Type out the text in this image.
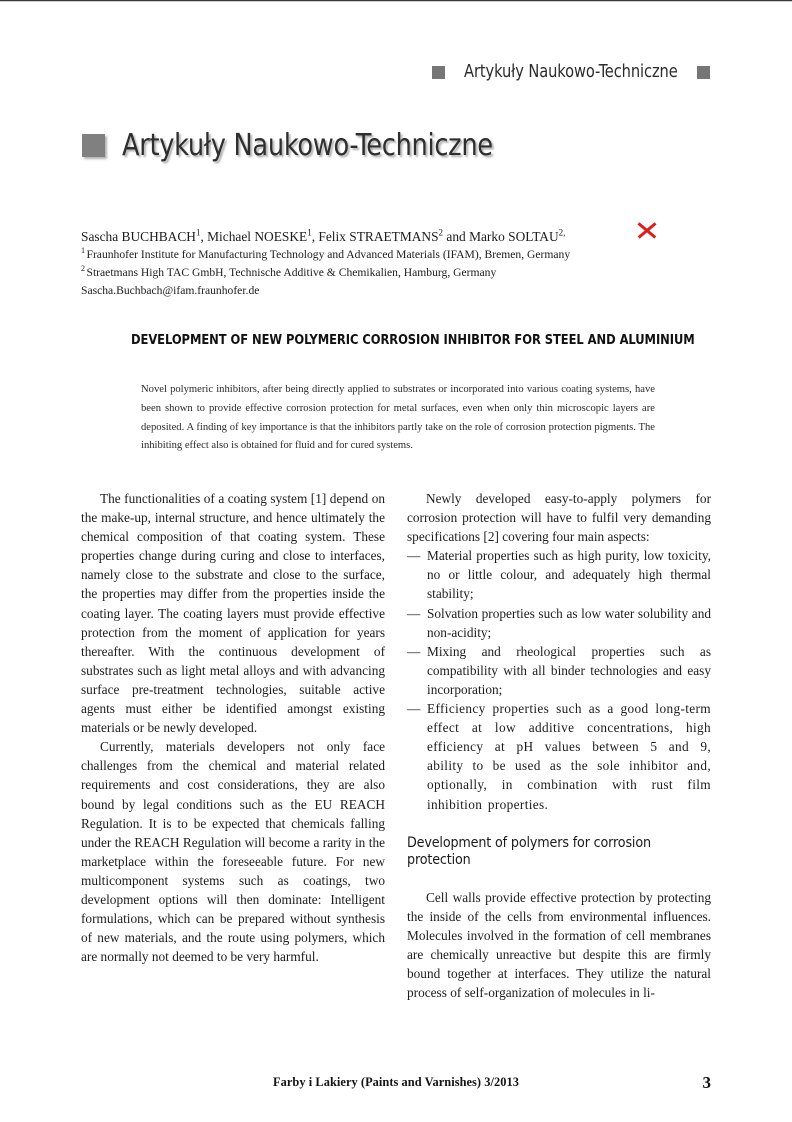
Artykuły Naukowo-Techniczne
Artykuły Naukowo-Techniczne
Sascha BUCHBACH$^1$, Michael NOESKE$^1$, Felix STRAETMANS$^2$ and Marko $SOLTAU^{2,}$
$^1$ Fraunhofer Institute for Manufacturing Technology and Advanced Materials (IFAM), Bremen, Germany
$^2$ Straetmans High TAC GmbH, Technische Additive & Chemikalien, Hamburg, Germany
Sascha.Buchbach@ifam.fraunhofer.de
DEVELOPMENT OF NEW POLYMERIC CORROSION INHIBITOR FOR STEEL AND ALUMINIUM
Novel polymeric inhibitors, after being directly applied to substrates or incorporated into various coating systems, have been shown to provide effective corrosion protection for metal surfaces, even when only thin microscopic layers are deposited. A finding of key importance is that the inhibitors partly take on the role of corrosion protection pigments. The inhibiting effect also is obtained for fluid and for cured systems.

The functionalities of a coating system [1] depend on the make-up, internal structure, and hence ultimately the chemical composition of that coating system. These properties change during curing and close to interfaces, namely close to the substrate and close to the surface, the properties may differ from the properties inside the coating layer. The coating layers must provide effective protection from the moment of application for years thereafter. With the continuous development of substrates such as light metal alloys and with advancing surface pre-treatment technologies, suitable active agents must either be identified amongst existing materials or be newly developed.

Currently, materials developers not only face challenges from the chemical and material related requirements and cost considerations, they are also bound by legal conditions such as the EU REACH Regulation. It is to be expected that chemicals falling under the REACH Regulation will become a rarity in the marketplace within the foreseeable future. For new multicomponent systems such as coatings, two development options will then dominate: Intelligent formulations, which can be prepared without synthesis of new materials, and the route using polymers, which are normally not deemed to be very harmful.

Newly developed easy-to-apply polymers for corrosion protection will have to fulfil very demanding specifications [2] covering four main aspects:

— Material properties such as high purity, low toxicity, no or little colour, and adequately high thermal stability;
— Solvation properties such as low water solubility and non-acidity;
— Mixing and rheological properties such as compatibility with all binder technologies and easy incorporation;
— Efficiency properties such as a good long-term effect at low additive concentrations, high efficiency at pH values between 5 and 9, ability to be used as the sole inhibitor and, optionally, in combination with rust film inhibition properties.
Development of polymers for corrosion protection

Cell walls provide effective protection by protecting the inside of the cells from environmental influences. Molecules involved in the formation of cell membranes are chemically unreactive but despite this are firmly bound together at interfaces. They utilize the natural process of self-organization of molecules in li-

Farby i Lakiery (Paints and Varnishes) 3/2013	3
